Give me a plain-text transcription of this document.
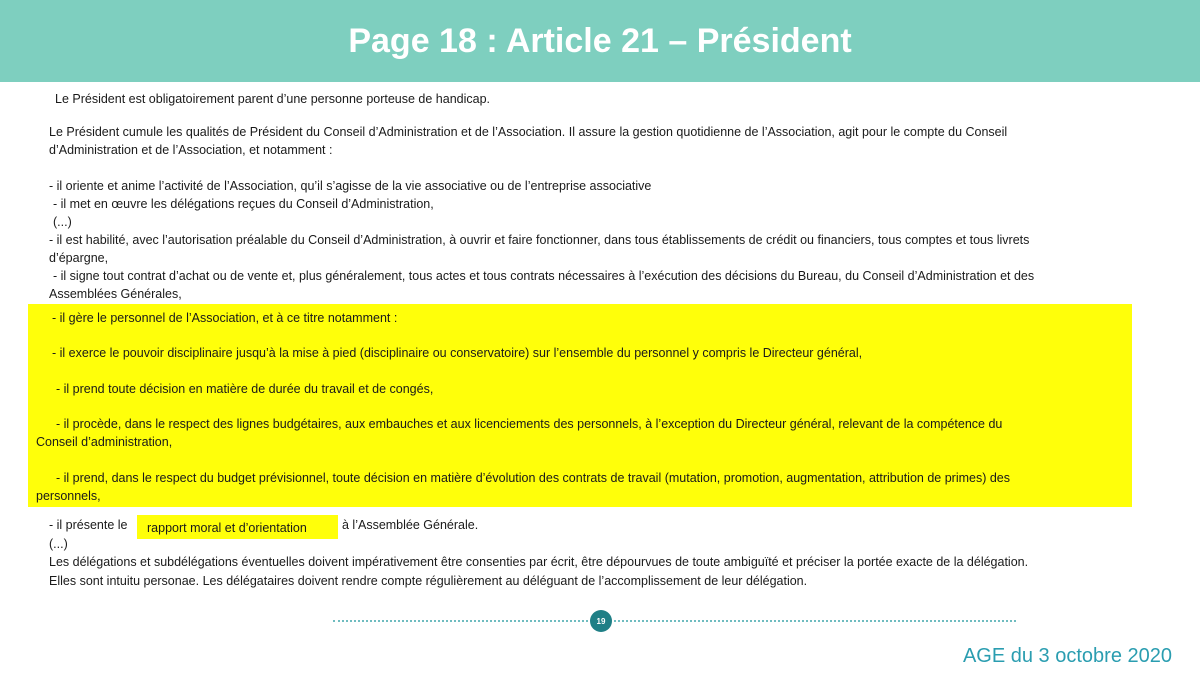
Page 18 : Article 21 – Président
Le Président est obligatoirement parent d’une personne porteuse de handicap.
Le Président cumule les qualités de Président du Conseil d’Administration et de l’Association. Il assure la gestion quotidienne de l’Association, agit pour le compte du Conseil
d’Administration et de l’Association, et notamment :
- il oriente et anime l’activité de l’Association, qu’il s’agisse de la vie associative ou de l’entreprise associative
- il met en œuvre les délégations reçues du Conseil d’Administration,
(...)
- il est habilité, avec l’autorisation préalable du Conseil d’Administration, à ouvrir et faire fonctionner, dans tous établissements de crédit ou financiers, tous comptes et tous livrets
d’épargne,
- il signe tout contrat d’achat ou de vente et, plus généralement, tous actes et tous contrats nécessaires à l’exécution des décisions du Bureau, du Conseil d’Administration et des
Assemblées Générales,
- il gère le personnel de l’Association, et à ce titre notamment :
- il exerce le pouvoir disciplinaire jusqu’à la mise à pied (disciplinaire ou conservatoire) sur l’ensemble du personnel y compris le Directeur général,
- il prend toute décision en matière de durée du travail et de congés,
- il procède, dans le respect des lignes budgétaires, aux embauches et aux licenciements des personnels, à l’exception du Directeur général, relevant de la compétence du
Conseil d’administration,
- il prend, dans le respect du budget prévisionnel, toute décision en matière d’évolution des contrats de travail (mutation, promotion, augmentation, attribution de primes) des
personnels,
- il présente le rapport moral et d’orientation	à l’Assemblée Générale.
(...)
Les délégations et subdélégations éventuelles doivent impérativement être consenties par écrit, être dépourvues de toute ambiguïté et préciser la portée exacte de la délégation.
Elles sont intuitu personae. Les délégataires doivent rendre compte régulièrement au déléguant de l’accomplissement de leur délégation.
19
AGE du 3 octobre 2020
